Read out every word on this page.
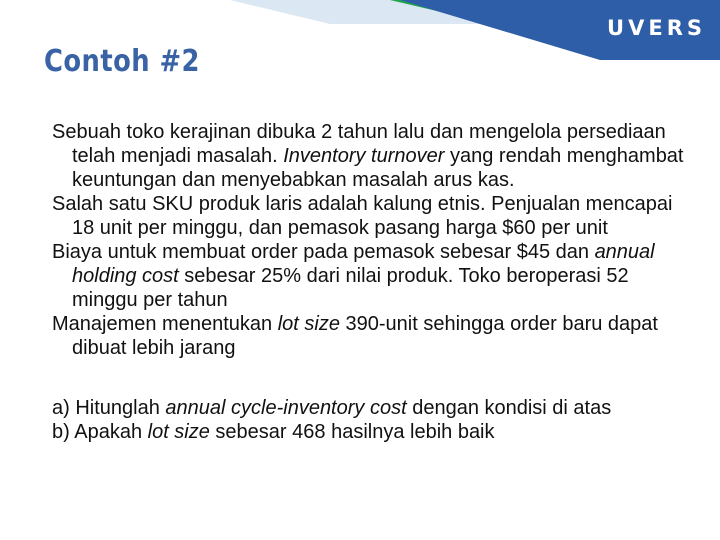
UVERS
Contoh #2

Sebuah toko kerajinan dibuka 2 tahun lalu dan mengelola persediaan telah menjadi masalah. Inventory turnover yang rendah menghambat keuntungan dan menyebabkan masalah arus kas.

Salah satu SKU produk laris adalah kalung etnis. Penjualan mencapai 18 unit per minggu, dan pemasok pasang harga $60 per unit

Biaya untuk membuat order pada pemasok sebesar $45 dan annual holding cost sebesar 25% dari nilai produk. Toko beroperasi 52 minggu per tahun

Manajemen menentukan lot size 390-unit sehingga order baru dapat dibuat lebih jarang

a) Hitunglah annual cycle-inventory cost dengan kondisi di atas

b) Apakah lot size sebesar 468 hasilnya lebih baik
